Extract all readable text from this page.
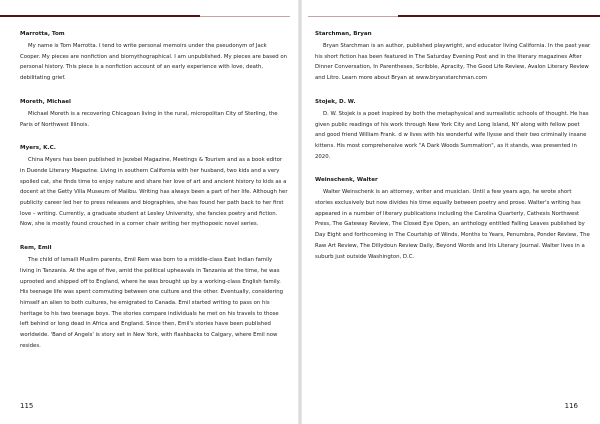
Marrotta, Tom

My name is Tom Marrotta. I tend to write personal memoirs under the pseudonym of Jack Cooper. My pieces are nonfiction and biomythographical. I am unpublished. My pieces are based on personal history. This piece is a nonfiction account of an early experience with love, death, debilitating grief.

Moreth, Michael

Michael Moreth is a recovering Chicagoan living in the rural, micropolitan City of Sterling, the Paris of Northwest Illinois.

Myers, K.C.

China Myers has been published in Jezebel Magazine, Meetings & Tourism and as a book editor in Duende Literary Magazine. Living in southern California with her husband, two kids and a very spoiled cat, she finds time to enjoy nature and share her love of art and ancient history to kids as a docent at the Getty Villa Museum of Malibu. Writing has always been a part of her life. Although her publicity career led her to press releases and biographies, she has found her path back to her first love – writing. Currently, a graduate student at Lesley University, she fancies poetry and fiction. Now, she is mostly found crouched in a corner chair writing her mythopoeic novel series.

Rem, Emil

The child of Ismaili Muslim parents, Emil Rem was born to a middle-class East Indian family living in Tanzania. At the age of five, amid the political upheavals in Tanzania at the time, he was uprooted and shipped off to England, where he was brought up by a working-class English family. His teenage life was spent commuting between one culture and the other. Eventually, considering himself an alien to both cultures, he emigrated to Canada. Emil started writing to pass on his heritage to his two teenage boys. The stories compare individuals he met on his travels to those left behind or long dead in Africa and England. Since then, Emil's stories have been published worldwide. 'Band of Angels' is story set in New York, with flashbacks to Calgary, where Emil now resides.

115
Starchman, Bryan

Bryan Starchman is an author, published playwright, and educator living California. In the past year his short fiction has been featured in The Saturday Evening Post and in the literary magazines After Dinner Conversation, In Parentheses, Scribble, Apracity, The Good Life Review, Avalon Literary Review and Litro. Learn more about Bryan at www.bryanstarchman.com

Stojek, D. W.

D. W. Stojek is a poet inspired by both the metaphysical and surrealistic schools of thought. He has given public readings of his work through New York City and Long Island, NY along with fellow poet and good friend William Frank. d w lives with his wonderful wife Ilysse and their two criminally insane kittens. His most comprehensive work "A Dark Woods Summation", as it stands, was presented in 2020.

Weinschenk, Walter

Walter Weinschenk is an attorney, writer and musician. Until a few years ago, he wrote short stories exclusively but now divides his time equally between poetry and prose. Walter's writing has appeared in a number of literary publications including the Carolina Quarterly, Cathexis Northwest Press, The Gateway Review, The Closed Eye Open, an anthology entitled Falling Leaves published by Day Eight and forthcoming in The Courtship of Winds, Months to Years, Penumbra, Ponder Review, The Raw Art Review, The Dillydoun Review Daily, Beyond Words and Iris Literary Journal. Walter lives in a suburb just outside Washington, D.C.

116
